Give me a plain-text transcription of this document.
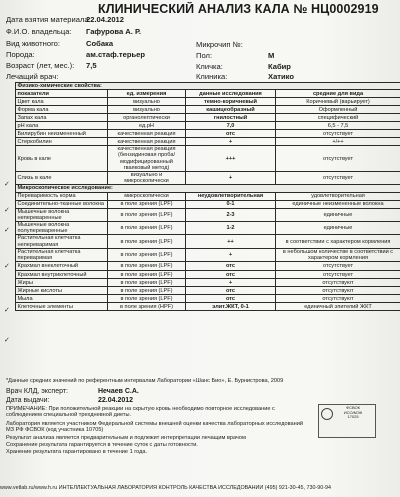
КЛИНИЧЕСКИЙ АНАЛИЗ КАЛА № НЦ0002919
Дата взятия материала:22.04.2012
Ф.И.О. владельца: Гафурова А. Р.
Вид животного:	Собака
Порода:	ам.стаф.терьер
Возраст (лет, мес.): 7,5
Лечащий врач:
Микрочип №:
Пол:	М
Кличка:	Кабир
Клиника:	Хатико
Физико-химические свойства:			
показатели	ед. измерения	данные исследования	средние для вида
Цвет кала	визуально	темно-коричневый	Коричневый (варьирует)
Форма кала	визуально	кашицеобразный	Оформленный
Запах кала	органолептически	гнилостный	специфический
pH кала	ед.pH	7,0	6,5 - 7,5
Билирубин неизмененный	качественная реакция	отс	отсутствует
Стеркобилин	качественная реакция	+	+/++
Кровь в кале	качественная реакция (бензидиновая проба/модифицированный гваяковый метод)	+++	отсутствует
Слизь в кале	визуально и микроскопически	+	отсутствует
Микроскопическое исследование:			
Переваримость корма	микроскопически	неудовлетворительная	удовлетворительная
Соединительно-тканные волокна	в поле зрения (LPF)	0-1	единичные неизмененные волокна
Мышечные волокна непереваренные	в поле зрения (LPF)	2-3	единичные
Мышечные волокна полупереваренные	в поле зрения (LPF)	1-2	единичные
Растительная клетчатка непереваримая	в поле зрения (LPF)	++	в соответствии с характером кормления
Растительная клетчатка переваримая	в поле зрения (LPF)	+	в небольшом количестве в соответствии с характером кормления
Крахмал внеклеточный	в поле зрения (LPF)	отс	отсутствует
Крахмал внутриклеточный	в поле зрения (LPF)	отс	отсутствует
Жиры	в поле зрения (LPF)	+	отсутствуют
Жирные кислоты	в поле зрения (LPF)	отс	отсутствуют
Мыла	в поле зрения (LPF)	отс	отсутствуют
Клеточные элементы	в поле зрения (HPF)	элит.ЖКТ, 0-1	единичный эпителий ЖКТ
✓
✓
✓
✓
✓
✓
*Данные средних значений по референтным интервалам Лаборатории «Шанс Био», Е. Бурнистрова, 2009
Врач КЛД, эксперт:	Нечаев С.А.
Дата выдачи:	22.04.2012
ПРИМЕЧАНИЕ: При положительной реакции на скрытую кровь необходимо повторное исследование с соблюдением специальной трехдневной диеты.
Лаборатория является участником Федеральной системы внешней оценки качества лабораторных исследований МЗ РФ ФСВОК (код участника 10705)
Результат анализа является предварительным и подлежит интерпретации лечащим врачом
Сохранение результата гарантируется в течение суток с даты готовности.
Хранение результата гарантировано в течение 1 года.
ФСВОК
ИСО/МЭК
17025
www.vetlab.ru/www.h.ru ИНТЕЛЛЕКТУАЛЬНАЯ ЛАБОРАТОРИЯ КОНТРОЛЬ КАЧЕСТВА ИССЛЕДОВАНИЙ (495) 921-30-45, 730-90-94
